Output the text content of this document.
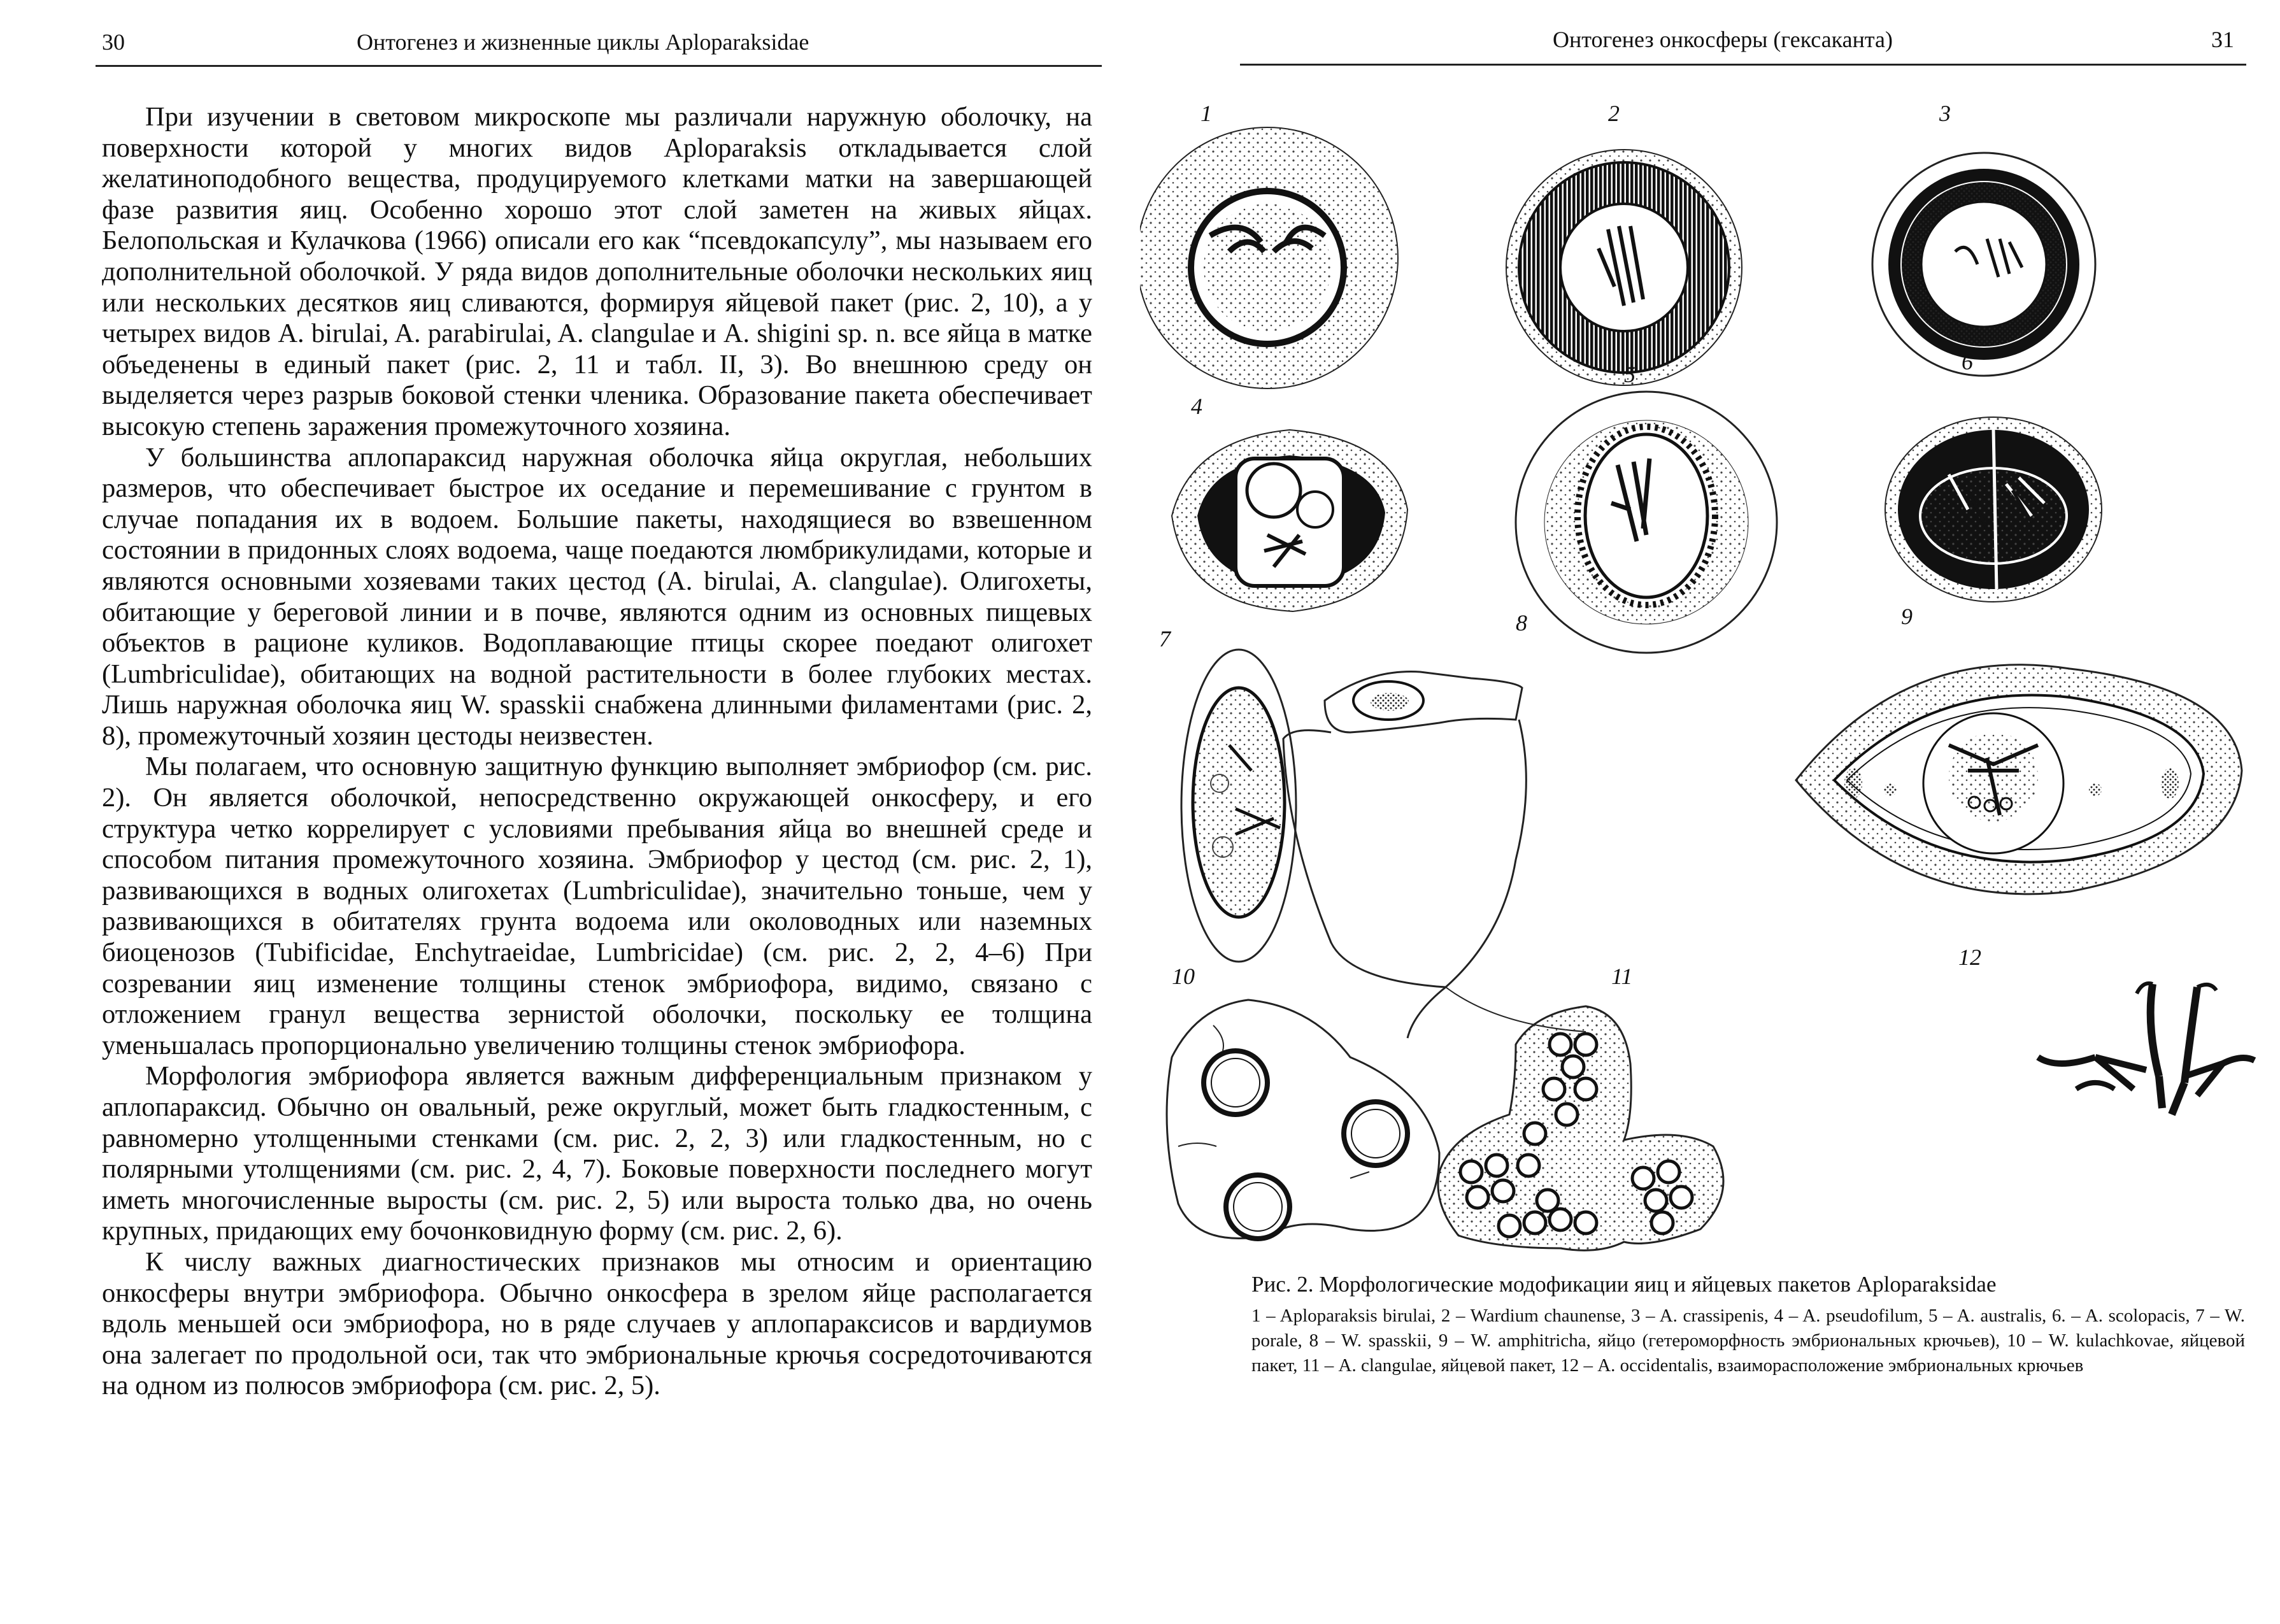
30	Онтогенез и жизненные циклы Aploparaksidae

При изучении в световом микроскопе мы различали наружную оболочку, на поверхности которой у многих видов Aploparaksis откладывается слой желатиноподобного вещества, продуцируемого клетками матки на завершающей фазе развития яиц. Особенно хорошо этот слой заметен на живых яйцах. Белопольская и Кулачкова (1966) описали его как “псевдокапсулу”, мы называем его дополнительной оболочкой. У ряда видов дополнительные оболочки нескольких яиц или нескольких десятков яиц сливаются, формируя яйцевой пакет (рис. 2, 10), а у четырех видов A. birulai, A. parabirulai, A. clangulae и A. shigini sp. n. все яйца в матке объеденены в единый пакет (рис. 2, 11 и табл. II, 3). Во внешнюю среду он выделяется через разрыв боковой стенки членика. Образование пакета обеспечивает высокую степень заражения промежуточного хозяина.

У большинства аплопараксид наружная оболочка яйца округлая, небольших размеров, что обеспечивает быстрое их оседание и перемешивание с грунтом в случае попадания их в водоем. Большие пакеты, находящиеся во взвешенном состоянии в придонных слоях водоема, чаще поедаются люмбрикулидами, которые и являются основными хозяевами таких цестод (A. birulai, A. clangulae). Олигохеты, обитающие у береговой линии и в почве, являются одним из основных пищевых объектов в рационе куликов. Водоплавающие птицы скорее поедают олигохет (Lumbriculidae), обитающих на водной растительности в более глубоких местах. Лишь наружная оболочка яиц W. spasskii снабжена длинными филаментами (рис. 2, 8), промежуточный хозяин цестоды неизвестен.

Мы полагаем, что основную защитную функцию выполняет эмбриофор (см. рис. 2). Он является оболочкой, непосредственно окружающей онкосферу, и его структура четко коррелирует с условиями пребывания яйца во внешней среде и способом питания промежуточного хозяина. Эмбриофор у цестод (см. рис. 2, 1), развивающихся в водных олигохетах (Lumbriculidae), значительно тоньше, чем у развивающихся в обитателях грунта водоема или околоводных или наземных биоценозов (Tubificidae, Enchytraeidae, Lumbricidae) (см. рис. 2, 2, 4–6) При созревании яиц изменение толщины стенок эмбриофора, видимо, связано с отложением гранул вещества зернистой оболочки, поскольку ее толщина уменьшалась пропорционально увеличению толщины стенок эмбриофора.

Морфология эмбриофора является важным дифференциальным признаком у аплопараксид. Обычно он овальный, реже округлый, может быть гладкостенным, с равномерно утолщенными стенками (см. рис. 2, 2, 3) или гладкостенным, но с полярными утолщениями (см. рис. 2, 4, 7). Боковые поверхности последнего могут иметь многочисленные выросты (см. рис. 2, 5) или выроста только два, но очень крупных, придающих ему бочонковидную форму (см. рис. 2, 6).

К числу важных диагностических признаков мы относим и ориентацию онкосферы внутри эмбриофора. Обычно онкосфера в зрелом яйце располагается вдоль меньшей оси эмбриофора, но в ряде случаев у аплопараксисов и вардиумов она залегает по продольной оси, так что эмбриональные крючья сосредоточиваются на одном из полюсов эмбриофора (см. рис. 2, 5).

Онтогенез онкосферы (гексаканта)	31
1	2	3
4
5	6
7
8	9
10	11
12
Рис. 2. Морфологические модофикации яиц и яйцевых пакетов Aploparaksidae
1 – Aploparaksis birulai, 2 – Wardium chaunense, 3 – A. crassipenis, 4 – A. pseudofilum, 5 – A. australis, 6. – A. scolopacis, 7 – W. porale, 8 – W. spasskii, 9 – W. amphitricha, яйцо (гетероморфность эмбриональных крючьев), 10 – W. kulachkovae, яйцевой пакет, 11 – A. clangulae, яйцевой пакет, 12 – A. occidentalis, взаиморасположение эмбриональных крючьев
